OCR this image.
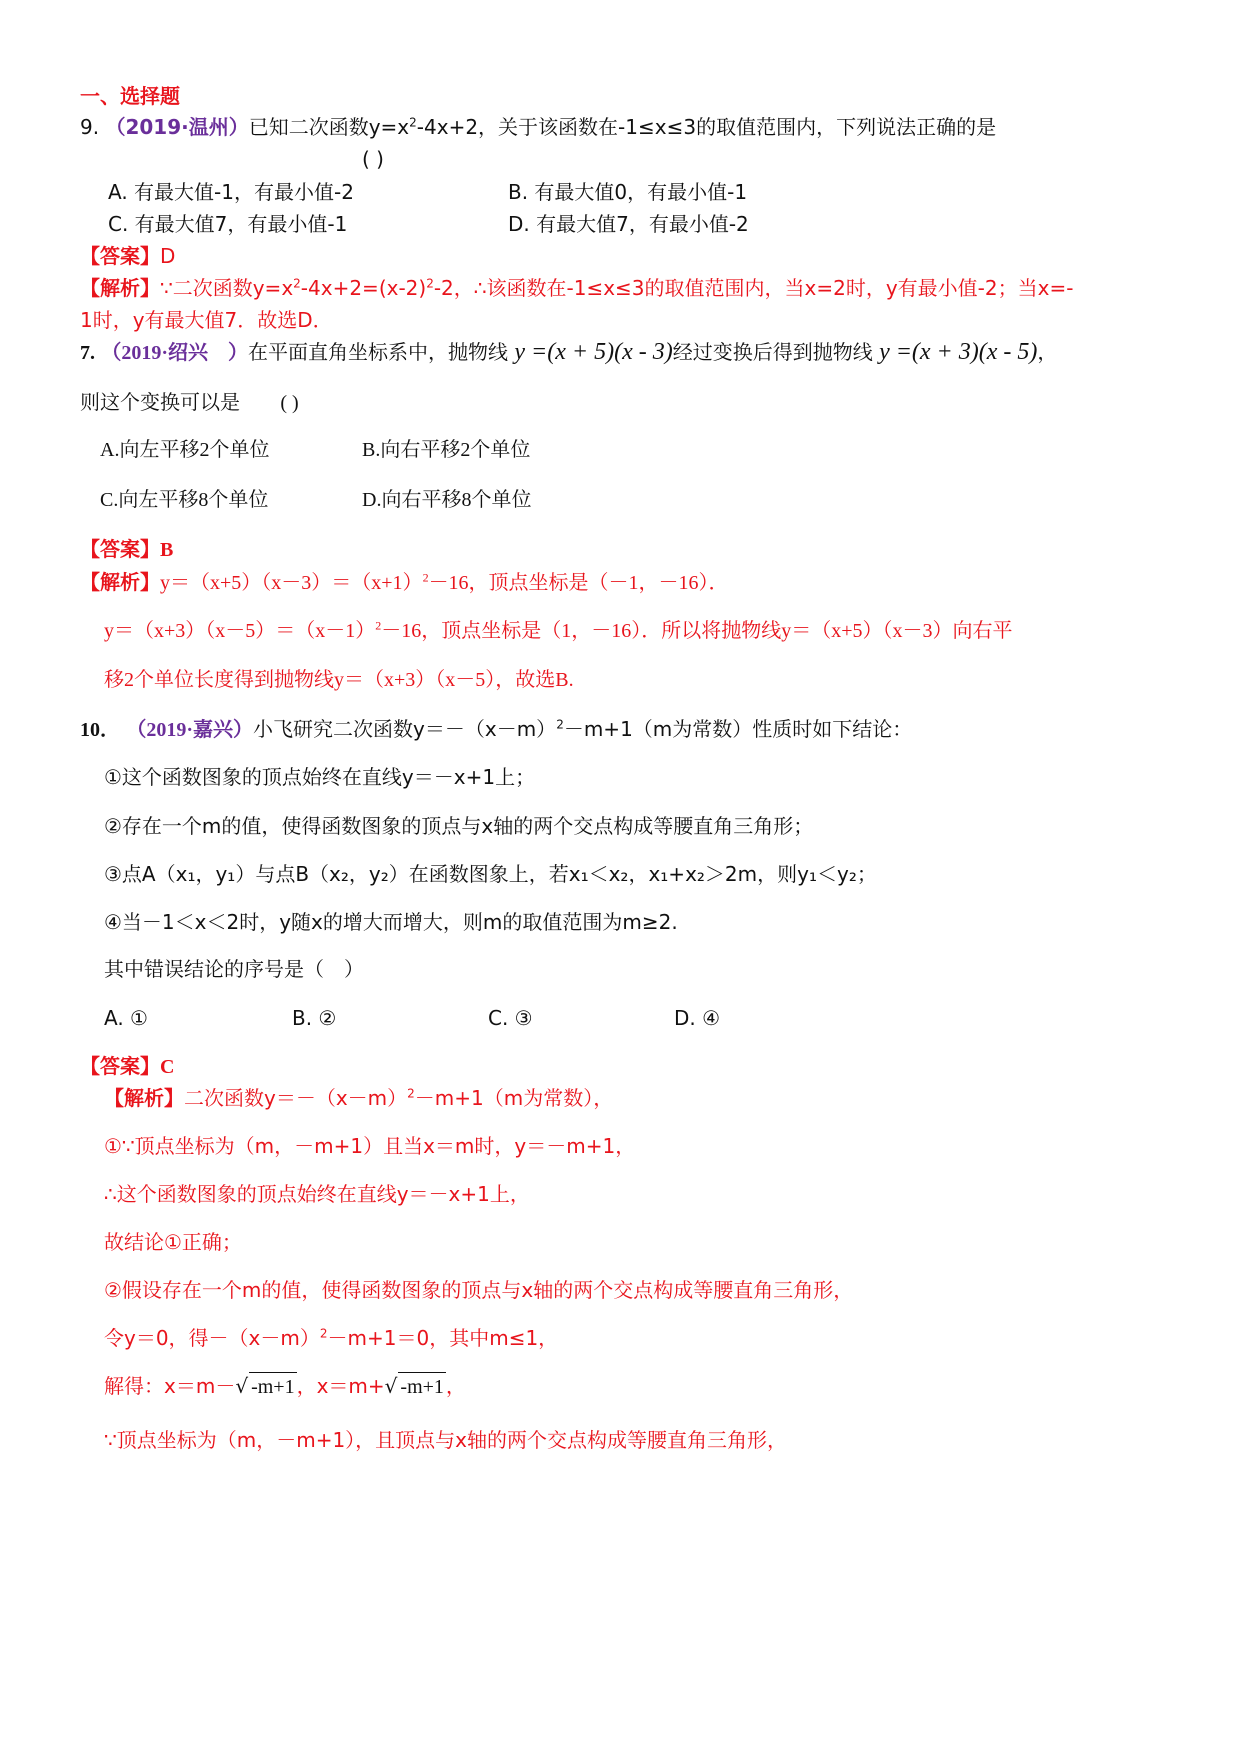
一、选择题
9. （2019·温州）已知二次函数$y=x^2-4x+2$，关于该函数在-1≤x≤3的取值范围内，下列说法正确的是
( )
A. 有最大值-1，有最小值-2	B. 有最大值0，有最小值-1
C. 有最大值7，有最小值-1	D. 有最大值7，有最小值-2
【答案】D
【解析】∵二次函数$y=x^2-4x+2=(x-2)^2-2$，∴该函数在-1≤x≤3的取值范围内，当x=2时，y有最小值-2；当x=-
1时，y有最大值7．故选D．
7. （2019·绍兴　）在平面直角坐标系中，抛物线 y =(x + 5)(x - 3)经过变换后得到抛物线 y =(x + 3)(x - 5)，
则这个变换可以是 ( )
A.向左平移2个单位	B.向右平移2个单位
C.向左平移8个单位	D.向右平移8个单位
【答案】B
【解析】$y=(x+5)(x-3)=(x+1)^2-16$，顶点坐标是（－1，－16）．
$y=(x+3)(x-5)=(x-1)^2-16$，顶点坐标是（1，－16）．所以将抛物线y＝（x+5）（x－3）向右平
移2个单位长度得到抛物线y＝（x+3）（x－5），故选B.
10． （2019·嘉兴）小飞研究二次函数$y=-(x-m)^2-m+1(m$为常数）性质时如下结论：
①这个函数图象的顶点始终在直线y＝－x+1上；
②存在一个m的值，使得函数图象的顶点与x轴的两个交点构成等腰直角三角形；
③点A（x₁，y₁）与点B（x₂，y₂）在函数图象上，若x₁＜x₂，x₁+x₂＞2m，则y₁＜y₂；
④当－1＜x＜2时，y随x的增大而增大，则m的取值范围为m≥2.
其中错误结论的序号是（　）
A. ①	B. ②	C. ③	D. ④
【答案】C
【解析】二次函数$y=-(x-m)^2-m+1(m$为常数），
①∵顶点坐标为（m，－m+1）且当x＝m时，y＝－m+1，
∴这个函数图象的顶点始终在直线y＝－x+1上，
故结论①正确；
②假设存在一个m的值，使得函数图象的顶点与x轴的两个交点构成等腰直角三角形，
令y＝0，得$-(x-m)^2-m+1=0$，其中m≤1，
解得：x＝m－√ -m+1 ，x＝m+√ -m+1 ，
∵顶点坐标为（m，－m+1），且顶点与x轴的两个交点构成等腰直角三角形，
